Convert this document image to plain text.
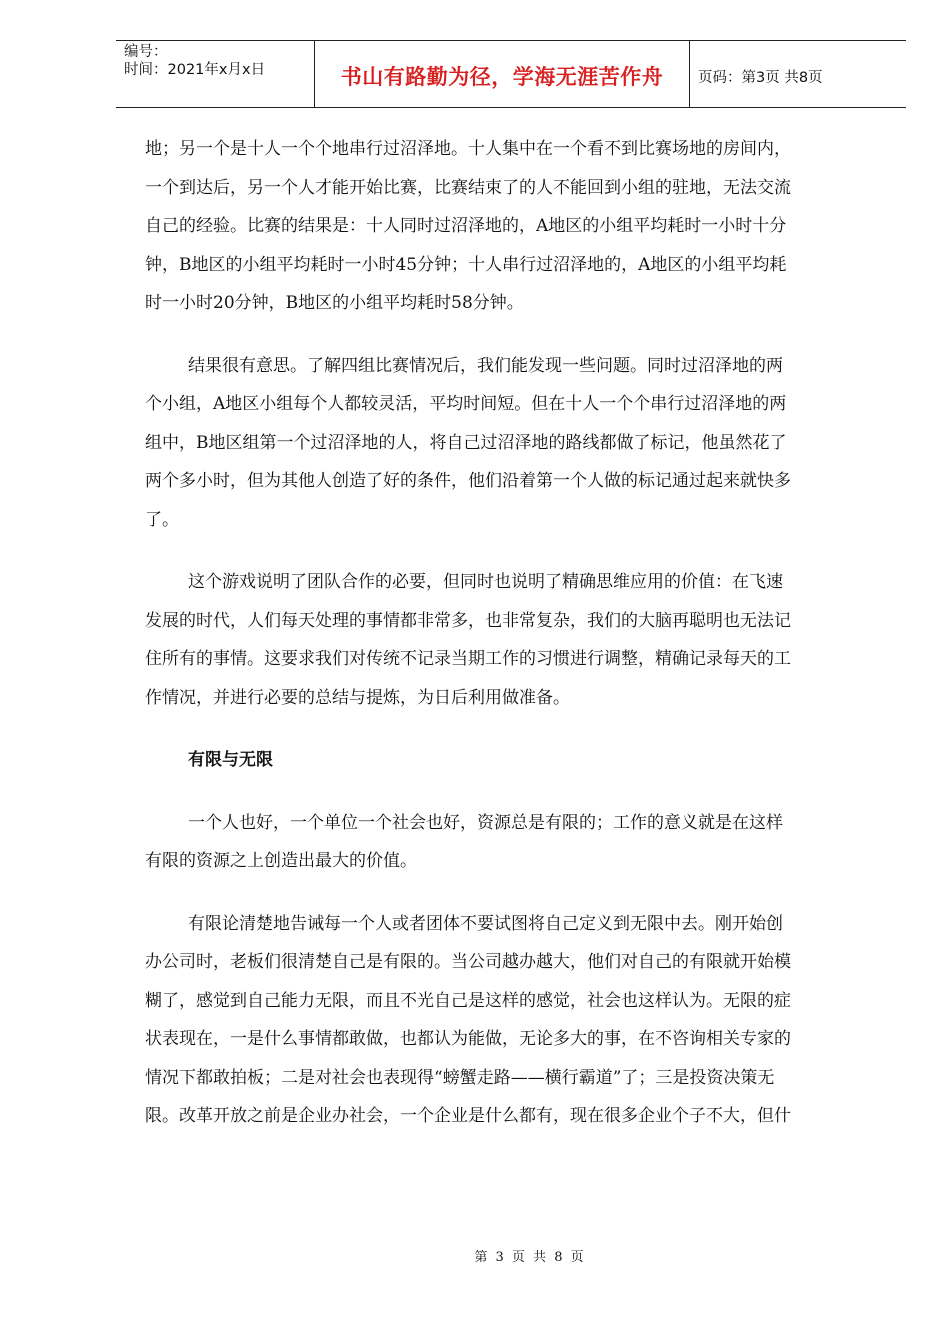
编号：
时间：2021年x月x日	书山有路勤为径，学海无涯苦作舟 页码：第3页 共8页

地；另一个是十人一个个地串行过沼泽地。十人集中在一个看不到比赛场地的房间内，
一个到达后，另一个人才能开始比赛，比赛结束了的人不能回到小组的驻地，无法交流
自己的经验。比赛的结果是：十人同时过沼泽地的，A地区的小组平均耗时一小时十分
钟，B地区的小组平均耗时一小时45分钟；十人串行过沼泽地的，A地区的小组平均耗
时一小时20分钟，B地区的小组平均耗时58分钟。

结果很有意思。了解四组比赛情况后，我们能发现一些问题。同时过沼泽地的两
个小组，A地区小组每个人都较灵活，平均时间短。但在十人一个个串行过沼泽地的两
组中，B地区组第一个过沼泽地的人，将自己过沼泽地的路线都做了标记，他虽然花了
两个多小时，但为其他人创造了好的条件，他们沿着第一个人做的标记通过起来就快多
了。

这个游戏说明了团队合作的必要，但同时也说明了精确思维应用的价值：在飞速
发展的时代，人们每天处理的事情都非常多，也非常复杂，我们的大脑再聪明也无法记
住所有的事情。这要求我们对传统不记录当期工作的习惯进行调整，精确记录每天的工
作情况，并进行必要的总结与提炼，为日后利用做准备。

有限与无限

一个人也好，一个单位一个社会也好，资源总是有限的；工作的意义就是在这样
有限的资源之上创造出最大的价值。

有限论清楚地告诫每一个人或者团体不要试图将自己定义到无限中去。刚开始创
办公司时，老板们很清楚自己是有限的。当公司越办越大，他们对自己的有限就开始模
糊了，感觉到自己能力无限，而且不光自己是这样的感觉，社会也这样认为。无限的症
状表现在，一是什么事情都敢做，也都认为能做，无论多大的事，在不咨询相关专家的
情况下都敢拍板；二是对社会也表现得“螃蟹走路——横行霸道”了；三是投资决策无
限。改革开放之前是企业办社会，一个企业是什么都有，现在很多企业个子不大，但什

第 3 页 共 8 页
